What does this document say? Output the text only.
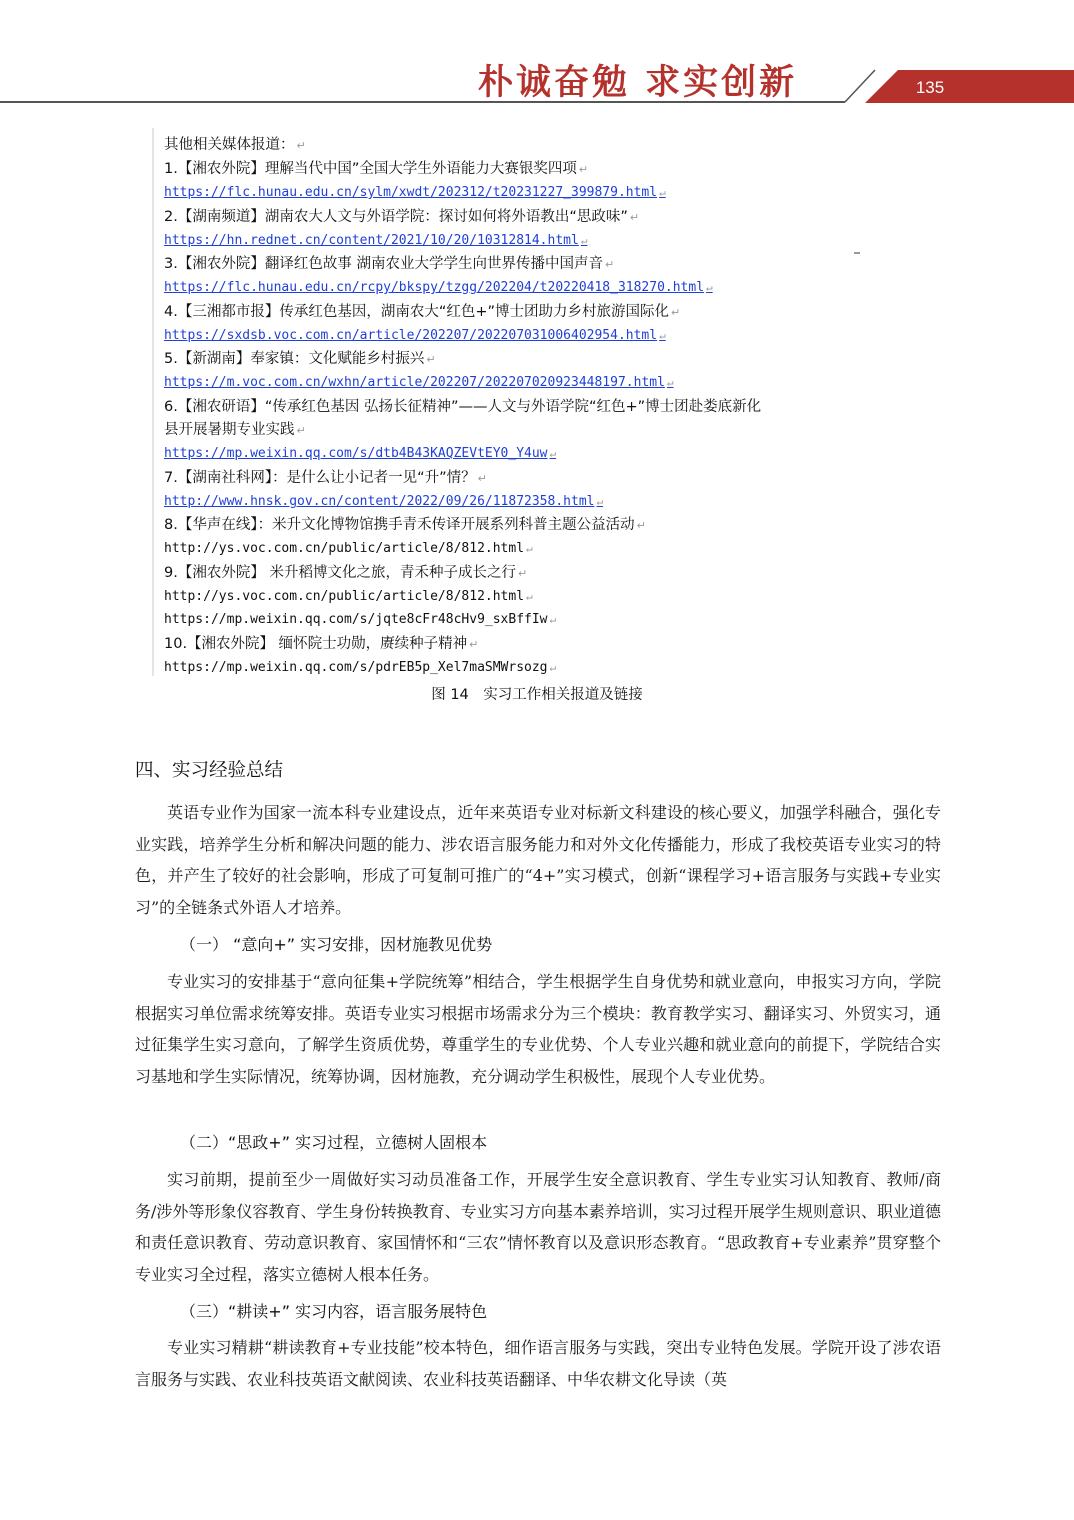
朴诚奋勉 求实创新	135
其他相关媒体报道： ↵
1.【湘农外院】理解当代中国”全国大学生外语能力大赛银奖四项 ↵
https://flc.hunau.edu.cn/sylm/xwdt/202312/t20231227_399879.html ↵
2.【湖南频道】湖南农大人文与外语学院：探讨如何将外语教出“思政味” ↵
https://hn.rednet.cn/content/2021/10/20/10312814.html ↵
3.【湘农外院】翻译红色故事 湖南农业大学学生向世界传播中国声音 ↵
https://flc.hunau.edu.cn/rcpy/bkspy/tzgg/202204/t20220418_318270.html ↵
4.【三湘都市报】传承红色基因，湖南农大“红色+”博士团助力乡村旅游国际化 ↵
https://sxdsb.voc.com.cn/article/202207/202207031006402954.html ↵
5.【新湖南】奉家镇：文化赋能乡村振兴 ↵
https://m.voc.com.cn/wxhn/article/202207/202207020923448197.html ↵
6.【湘农研语】“传承红色基因 弘扬长征精神”——人文与外语学院“红色+”博士团赴娄底新化
县开展暑期专业实践 ↵
https://mp.weixin.qq.com/s/dtb4B43KAQZEVtEY0_Y4uw ↵
7.【湖南社科网】：是什么让小记者一见“升”情？ ↵
http://www.hnsk.gov.cn/content/2022/09/26/11872358.html ↵
8.【华声在线】：米升文化博物馆携手青禾传译开展系列科普主题公益活动 ↵
http://ys.voc.com.cn/public/article/8/812.html ↵
9.【湘农外院】 米升稻博文化之旅，青禾种子成长之行 ↵
http://ys.voc.com.cn/public/article/8/812.html ↵
https://mp.weixin.qq.com/s/jqte8cFr48cHv9_sxBffIw ↵
10.【湘农外院】 缅怀院士功勋，赓续种子精神 ↵
https://mp.weixin.qq.com/s/pdrEB5p_Xel7maSMWrsozg ↵
图 14　实习工作相关报道及链接
四、实习经验总结
英语专业作为国家一流本科专业建设点，近年来英语专业对标新文科建设的核心要义，加强学科融合，强化专业实践，培养学生分析和解决问题的能力、涉农语言服务能力和对外文化传播能力，形成了我校英语专业实习的特色，并产生了较好的社会影响，形成了可复制可推广的“4+”实习模式，创新“课程学习+语言服务与实践+专业实习”的全链条式外语人才培养。
（一） “意向+” 实习安排，因材施教见优势
专业实习的安排基于“意向征集+学院统筹”相结合，学生根据学生自身优势和就业意向，申报实习方向，学院根据实习单位需求统筹安排。英语专业实习根据市场需求分为三个模块：教育教学实习、翻译实习、外贸实习，通过征集学生实习意向，了解学生资质优势，尊重学生的专业优势、个人专业兴趣和就业意向的前提下，学院结合实习基地和学生实际情况，统筹协调，因材施教，充分调动学生积极性，展现个人专业优势。
（二）“思政+” 实习过程，立德树人固根本
实习前期，提前至少一周做好实习动员准备工作，开展学生安全意识教育、学生专业实习认知教育、教师/商务/涉外等形象仪容教育、学生身份转换教育、专业实习方向基本素养培训，实习过程开展学生规则意识、职业道德和责任意识教育、劳动意识教育、家国情怀和“三农”情怀教育以及意识形态教育。“思政教育+专业素养”贯穿整个专业实习全过程，落实立德树人根本任务。
（三）“耕读+” 实习内容，语言服务展特色
专业实习精耕“耕读教育+专业技能”校本特色，细作语言服务与实践，突出专业特色发展。学院开设了涉农语言服务与实践、农业科技英语文献阅读、农业科技英语翻译、中华农耕文化导读（英
